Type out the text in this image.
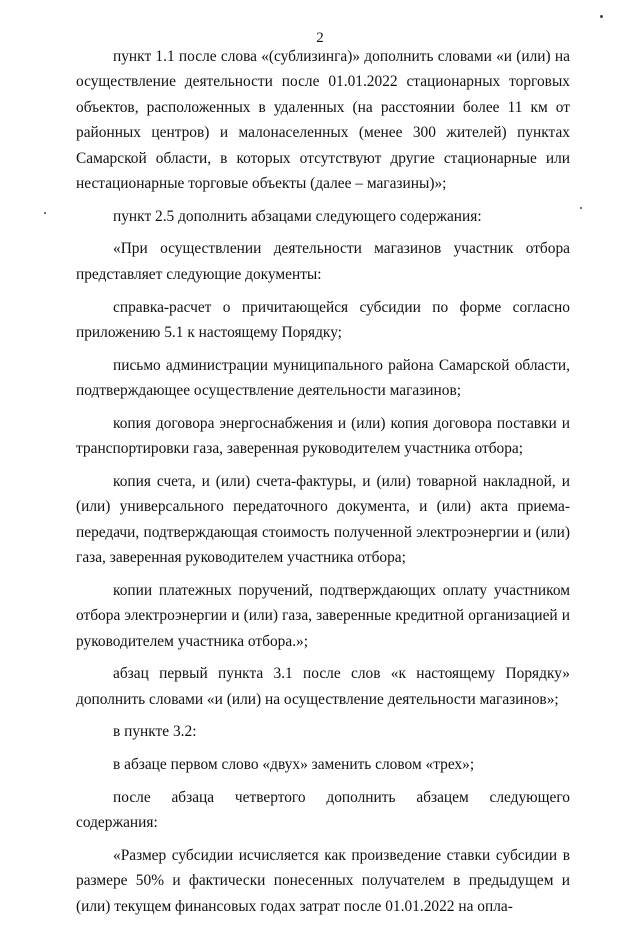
2

пункт 1.1 после слова «(сублизинга)» дополнить словами «и (или) на осуществление деятельности после 01.01.2022 стационарных торговых объектов, расположенных в удаленных (на расстоянии более 11 км от районных центров) и малонаселенных (менее 300 жителей) пунктах Самарской области, в которых отсутствуют другие стационарные или нестационарные торговые объекты (далее – магазины)»;

пункт 2.5 дополнить абзацами следующего содержания:

«При осуществлении деятельности магазинов участник отбора представляет следующие документы:

справка-расчет о причитающейся субсидии по форме согласно приложению 5.1 к настоящему Порядку;

письмо администрации муниципального района Самарской области, подтверждающее осуществление деятельности магазинов;

копия договора энергоснабжения и (или) копия договора поставки и транспортировки газа, заверенная руководителем участника отбора;

копия счета, и (или) счета-фактуры, и (или) товарной накладной, и (или) универсального передаточного документа, и (или) акта приема-передачи, подтверждающая стоимость полученной электроэнергии и (или) газа, заверенная руководителем участника отбора;

копии платежных поручений, подтверждающих оплату участником отбора электроэнергии и (или) газа, заверенные кредитной организацией и руководителем участника отбора.»;

абзац первый пункта 3.1 после слов «к настоящему Порядку» дополнить словами «и (или) на осуществление деятельности магазинов»;

в пункте 3.2:

в абзаце первом слово «двух» заменить словом «трех»;

после абзаца четвертого дополнить абзацем следующего содержания:

«Размер субсидии исчисляется как произведение ставки субсидии в размере 50% и фактически понесенных получателем в предыдущем и (или) текущем финансовых годах затрат после 01.01.2022 на опла-
